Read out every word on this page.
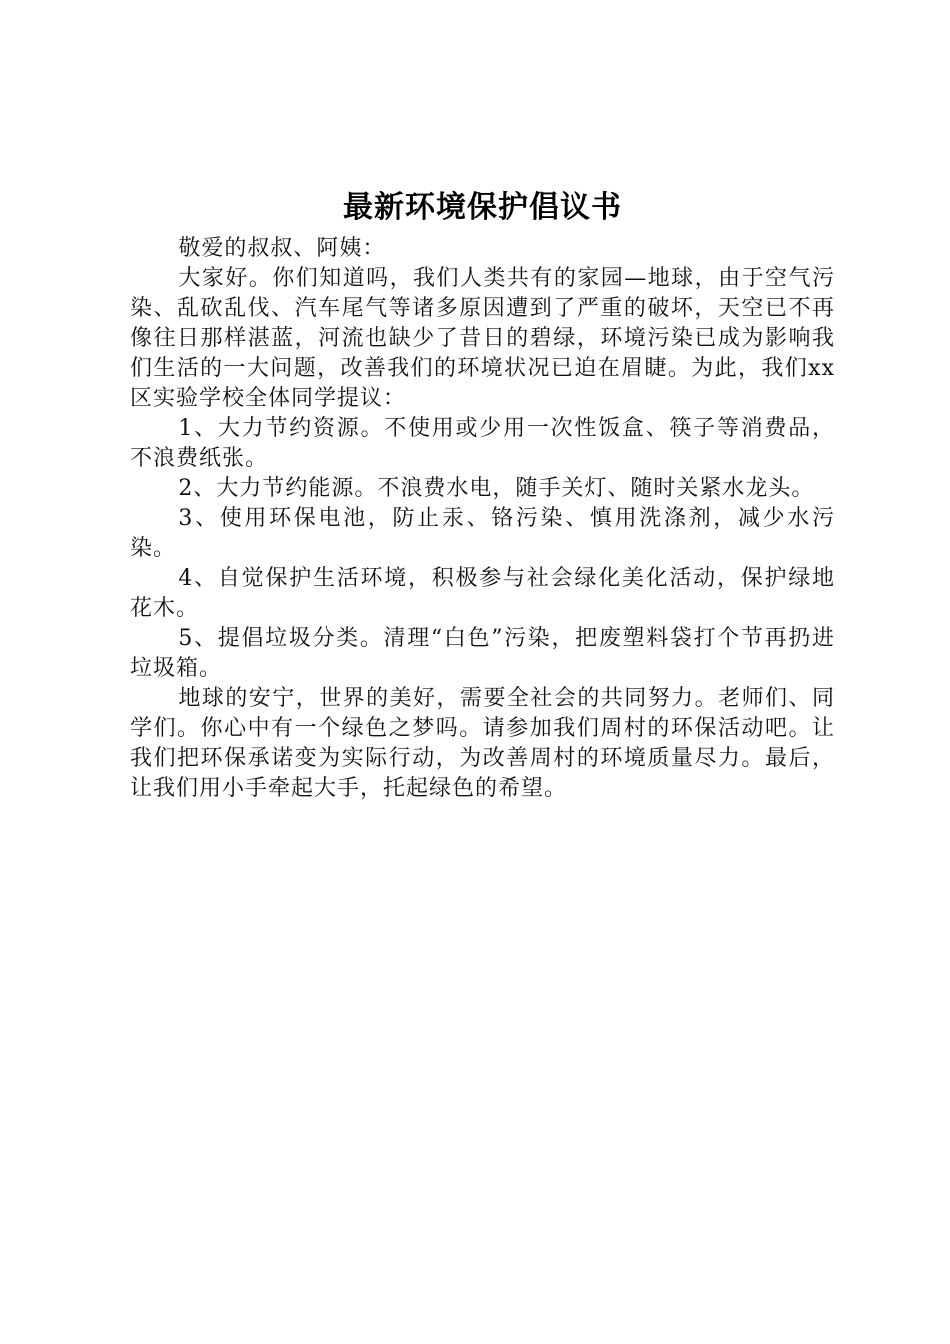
最新环境保护倡议书

敬爱的叔叔、阿姨：

大家好。你们知道吗，我们人类共有的家园—地球，由于空气污染、乱砍乱伐、汽车尾气等诸多原因遭到了严重的破坏，天空已不再像往日那样湛蓝，河流也缺少了昔日的碧绿，环境污染已成为影响我们生活的一大问题，改善我们的环境状况已迫在眉睫。为此，我们xx区实验学校全体同学提议：

1、大力节约资源。不使用或少用一次性饭盒、筷子等消费品，不浪费纸张。

2、大力节约能源。不浪费水电，随手关灯、随时关紧水龙头。

3、使用环保电池，防止汞、铬污染、慎用洗涤剂，减少水污染。

4、自觉保护生活环境，积极参与社会绿化美化活动，保护绿地花木。

5、提倡垃圾分类。清理“白色”污染，把废塑料袋打个节再扔进垃圾箱。

地球的安宁，世界的美好，需要全社会的共同努力。老师们、同学们。你心中有一个绿色之梦吗。请参加我们周村的环保活动吧。让我们把环保承诺变为实际行动，为改善周村的环境质量尽力。最后，让我们用小手牵起大手，托起绿色的希望。
